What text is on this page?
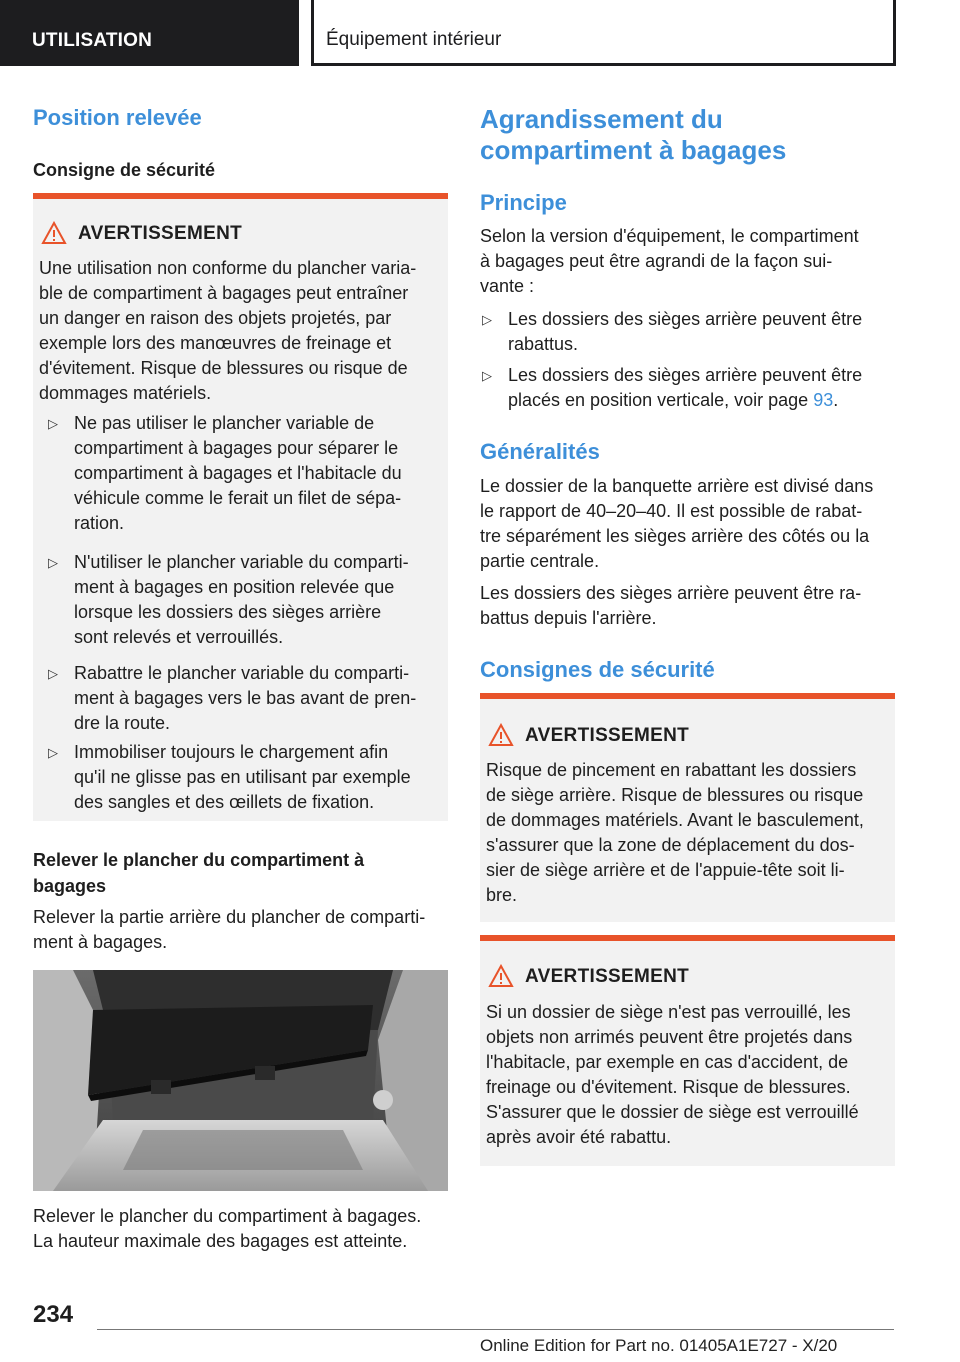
UTILISATION	Équipement intérieur
Position relevée
Consigne de sécurité
AVERTISSEMENT
Une utilisation non conforme du plancher varia-
ble de compartiment à bagages peut entraîner
un danger en raison des objets projetés, par
exemple lors des manœuvres de freinage et
d'évitement. Risque de blessures ou risque de
dommages matériels.
▷ Ne pas utiliser le plancher variable de
compartiment à bagages pour séparer le
compartiment à bagages et l'habitacle du
véhicule comme le ferait un filet de sépa-
ration.
▷ N'utiliser le plancher variable du comparti-
ment à bagages en position relevée que
lorsque les dossiers des sièges arrière
sont relevés et verrouillés.
▷ Rabattre le plancher variable du comparti-
ment à bagages vers le bas avant de pren-
dre la route.
▷ Immobiliser toujours le chargement afin
qu'il ne glisse pas en utilisant par exemple
des sangles et des œillets de fixation.
Relever le plancher du compartiment à
bagages
Relever la partie arrière du plancher de comparti-
ment à bagages.
Relever le plancher du compartiment à bagages.
La hauteur maximale des bagages est atteinte.
Agrandissement du
compartiment à bagages
Principe
Selon la version d'équipement, le compartiment
à bagages peut être agrandi de la façon sui-
vante :
▷ Les dossiers des sièges arrière peuvent être
rabattus.
▷ Les dossiers des sièges arrière peuvent être
placés en position verticale, voir page 93.
Généralités
Le dossier de la banquette arrière est divisé dans
le rapport de 40–20–40. Il est possible de rabat-
tre séparément les sièges arrière des côtés ou la
partie centrale.
Les dossiers des sièges arrière peuvent être ra-
battus depuis l'arrière.
Consignes de sécurité
AVERTISSEMENT
Risque de pincement en rabattant les dossiers
de siège arrière. Risque de blessures ou risque
de dommages matériels. Avant le basculement,
s'assurer que la zone de déplacement du dos-
sier de siège arrière et de l'appuie-tête soit li-
bre.
AVERTISSEMENT
Si un dossier de siège n'est pas verrouillé, les
objets non arrimés peuvent être projetés dans
l'habitacle, par exemple en cas d'accident, de
freinage ou d'évitement. Risque de blessures.
S'assurer que le dossier de siège est verrouillé
après avoir été rabattu.
234
Online Edition for Part no. 01405A1E727 - X/20
